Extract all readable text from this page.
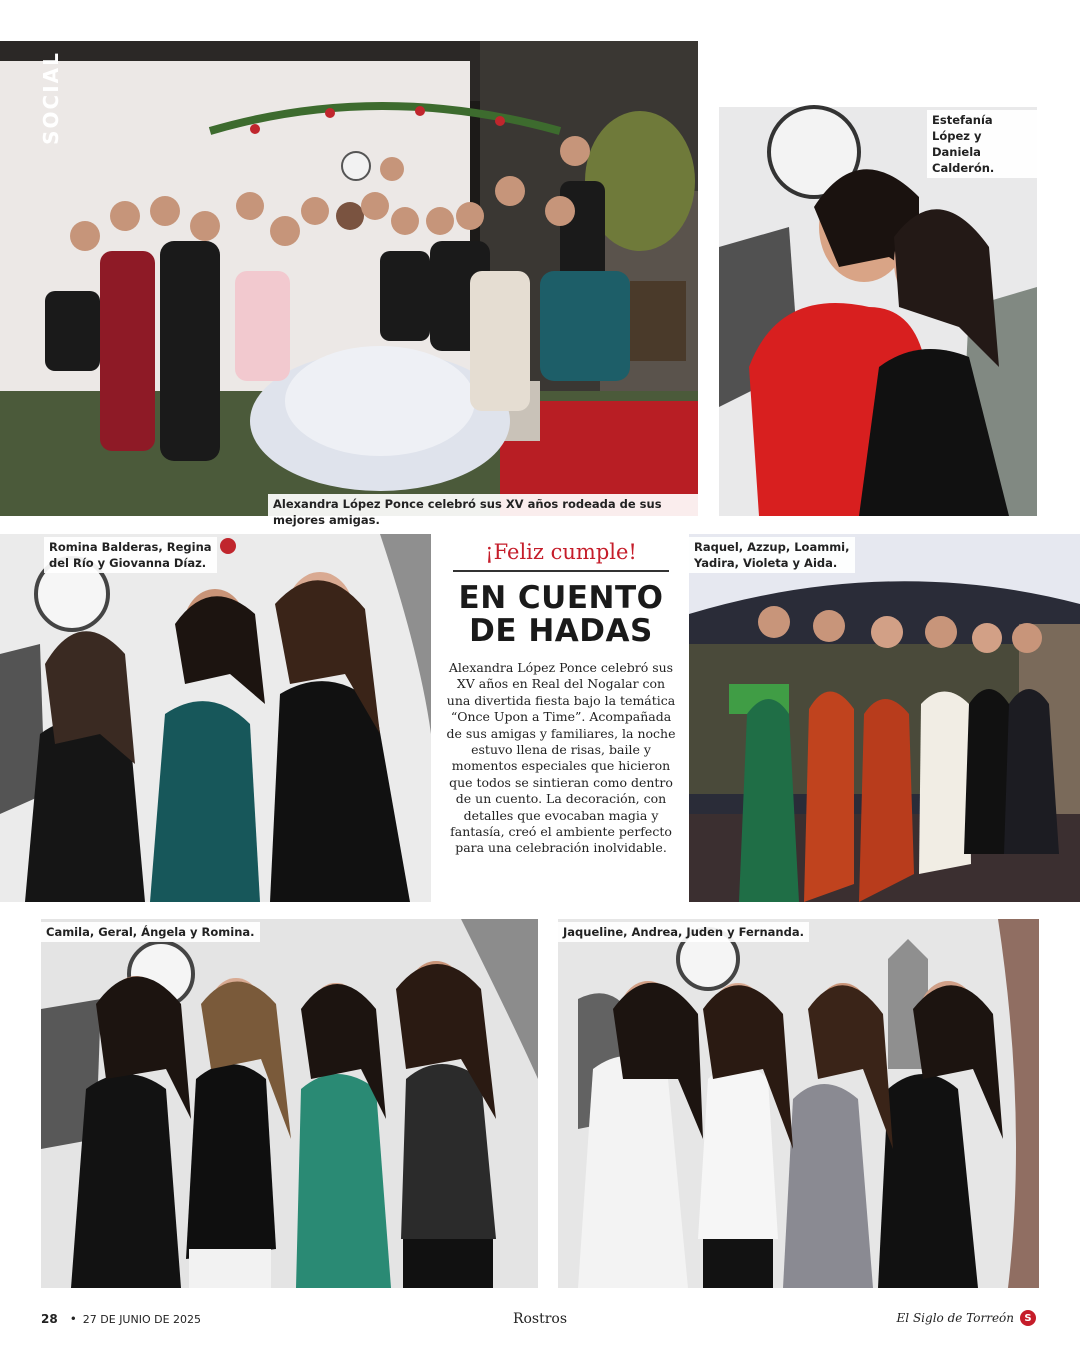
Alexandra López Ponce celebró sus XV años rodeada de sus mejores amigas.
SOCIAL	Estefanía López y
Daniela Calderón.
Romina Balderas, Regina
del Río y Giovanna Díaz.	¡Feliz cumple!
EN CUENTO DE HADAS
Alexandra López Ponce celebró sus XV años en Real del Nogalar con una divertida fiesta bajo la temática “Once Upon a Time”. Acompañada de sus amigas y familiares, la noche estuvo llena de risas, baile y momentos especiales que hicieron que todos se sintieran como dentro de un cuento. La decoración, con detalles que evocaban magia y fantasía, creó el ambiente perfecto para una celebración inolvidable.
Raquel, Azzup, Loammi,
Yadira, Violeta y Aida.
Camila, Geral, Ángela y Romina.	Jaqueline, Andrea, Juden y Fernanda.
28 • 27 DE JUNIO DE 2025	Rostros	El Siglo de Torreón	S
